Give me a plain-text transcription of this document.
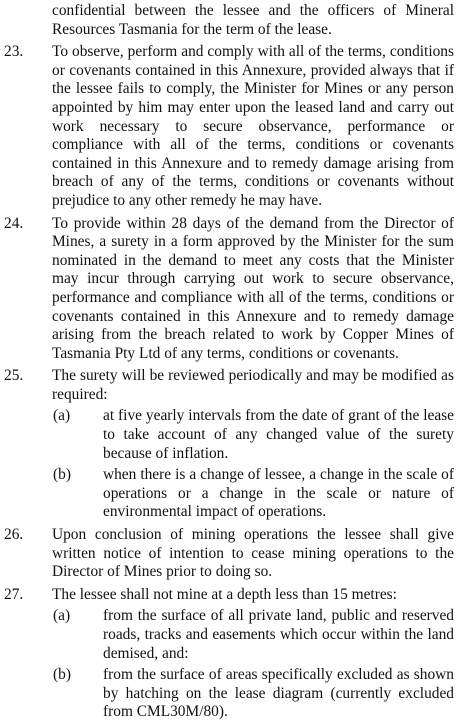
confidential between the lessee and the officers of Mineral Resources Tasmania for the term of the lease.
23.	To observe, perform and comply with all of the terms, conditions or covenants contained in this Annexure, provided always that if the lessee fails to comply, the Minister for Mines or any person appointed by him may enter upon the leased land and carry out work necessary to secure observance, performance or compliance with all of the terms, conditions or covenants contained in this Annexure and to remedy damage arising from breach of any of the terms, conditions or covenants without prejudice to any other remedy he may have.
24.	To provide within 28 days of the demand from the Director of Mines, a surety in a form approved by the Minister for the sum nominated in the demand to meet any costs that the Minister may incur through carrying out work to secure observance, performance and compliance with all of the terms, conditions or covenants contained in this Annexure and to remedy damage arising from the breach related to work by Copper Mines of Tasmania Pty Ltd of any terms, conditions or covenants.
25.	The surety will be reviewed periodically and may be modified as required:
(a)	at five yearly intervals from the date of grant of the lease to take account of any changed value of the surety because of inflation.
(b)	when there is a change of lessee, a change in the scale of operations or a change in the scale or nature of environmental impact of operations.
26.	Upon conclusion of mining operations the lessee shall give written notice of intention to cease mining operations to the Director of Mines prior to doing so.
27.	The lessee shall not mine at a depth less than 15 metres:
(a)	from the surface of all private land, public and reserved roads, tracks and easements which occur within the land demised, and:
(b)	from the surface of areas specifically excluded as shown by hatching on the lease diagram (currently excluded from CML30M/80).
